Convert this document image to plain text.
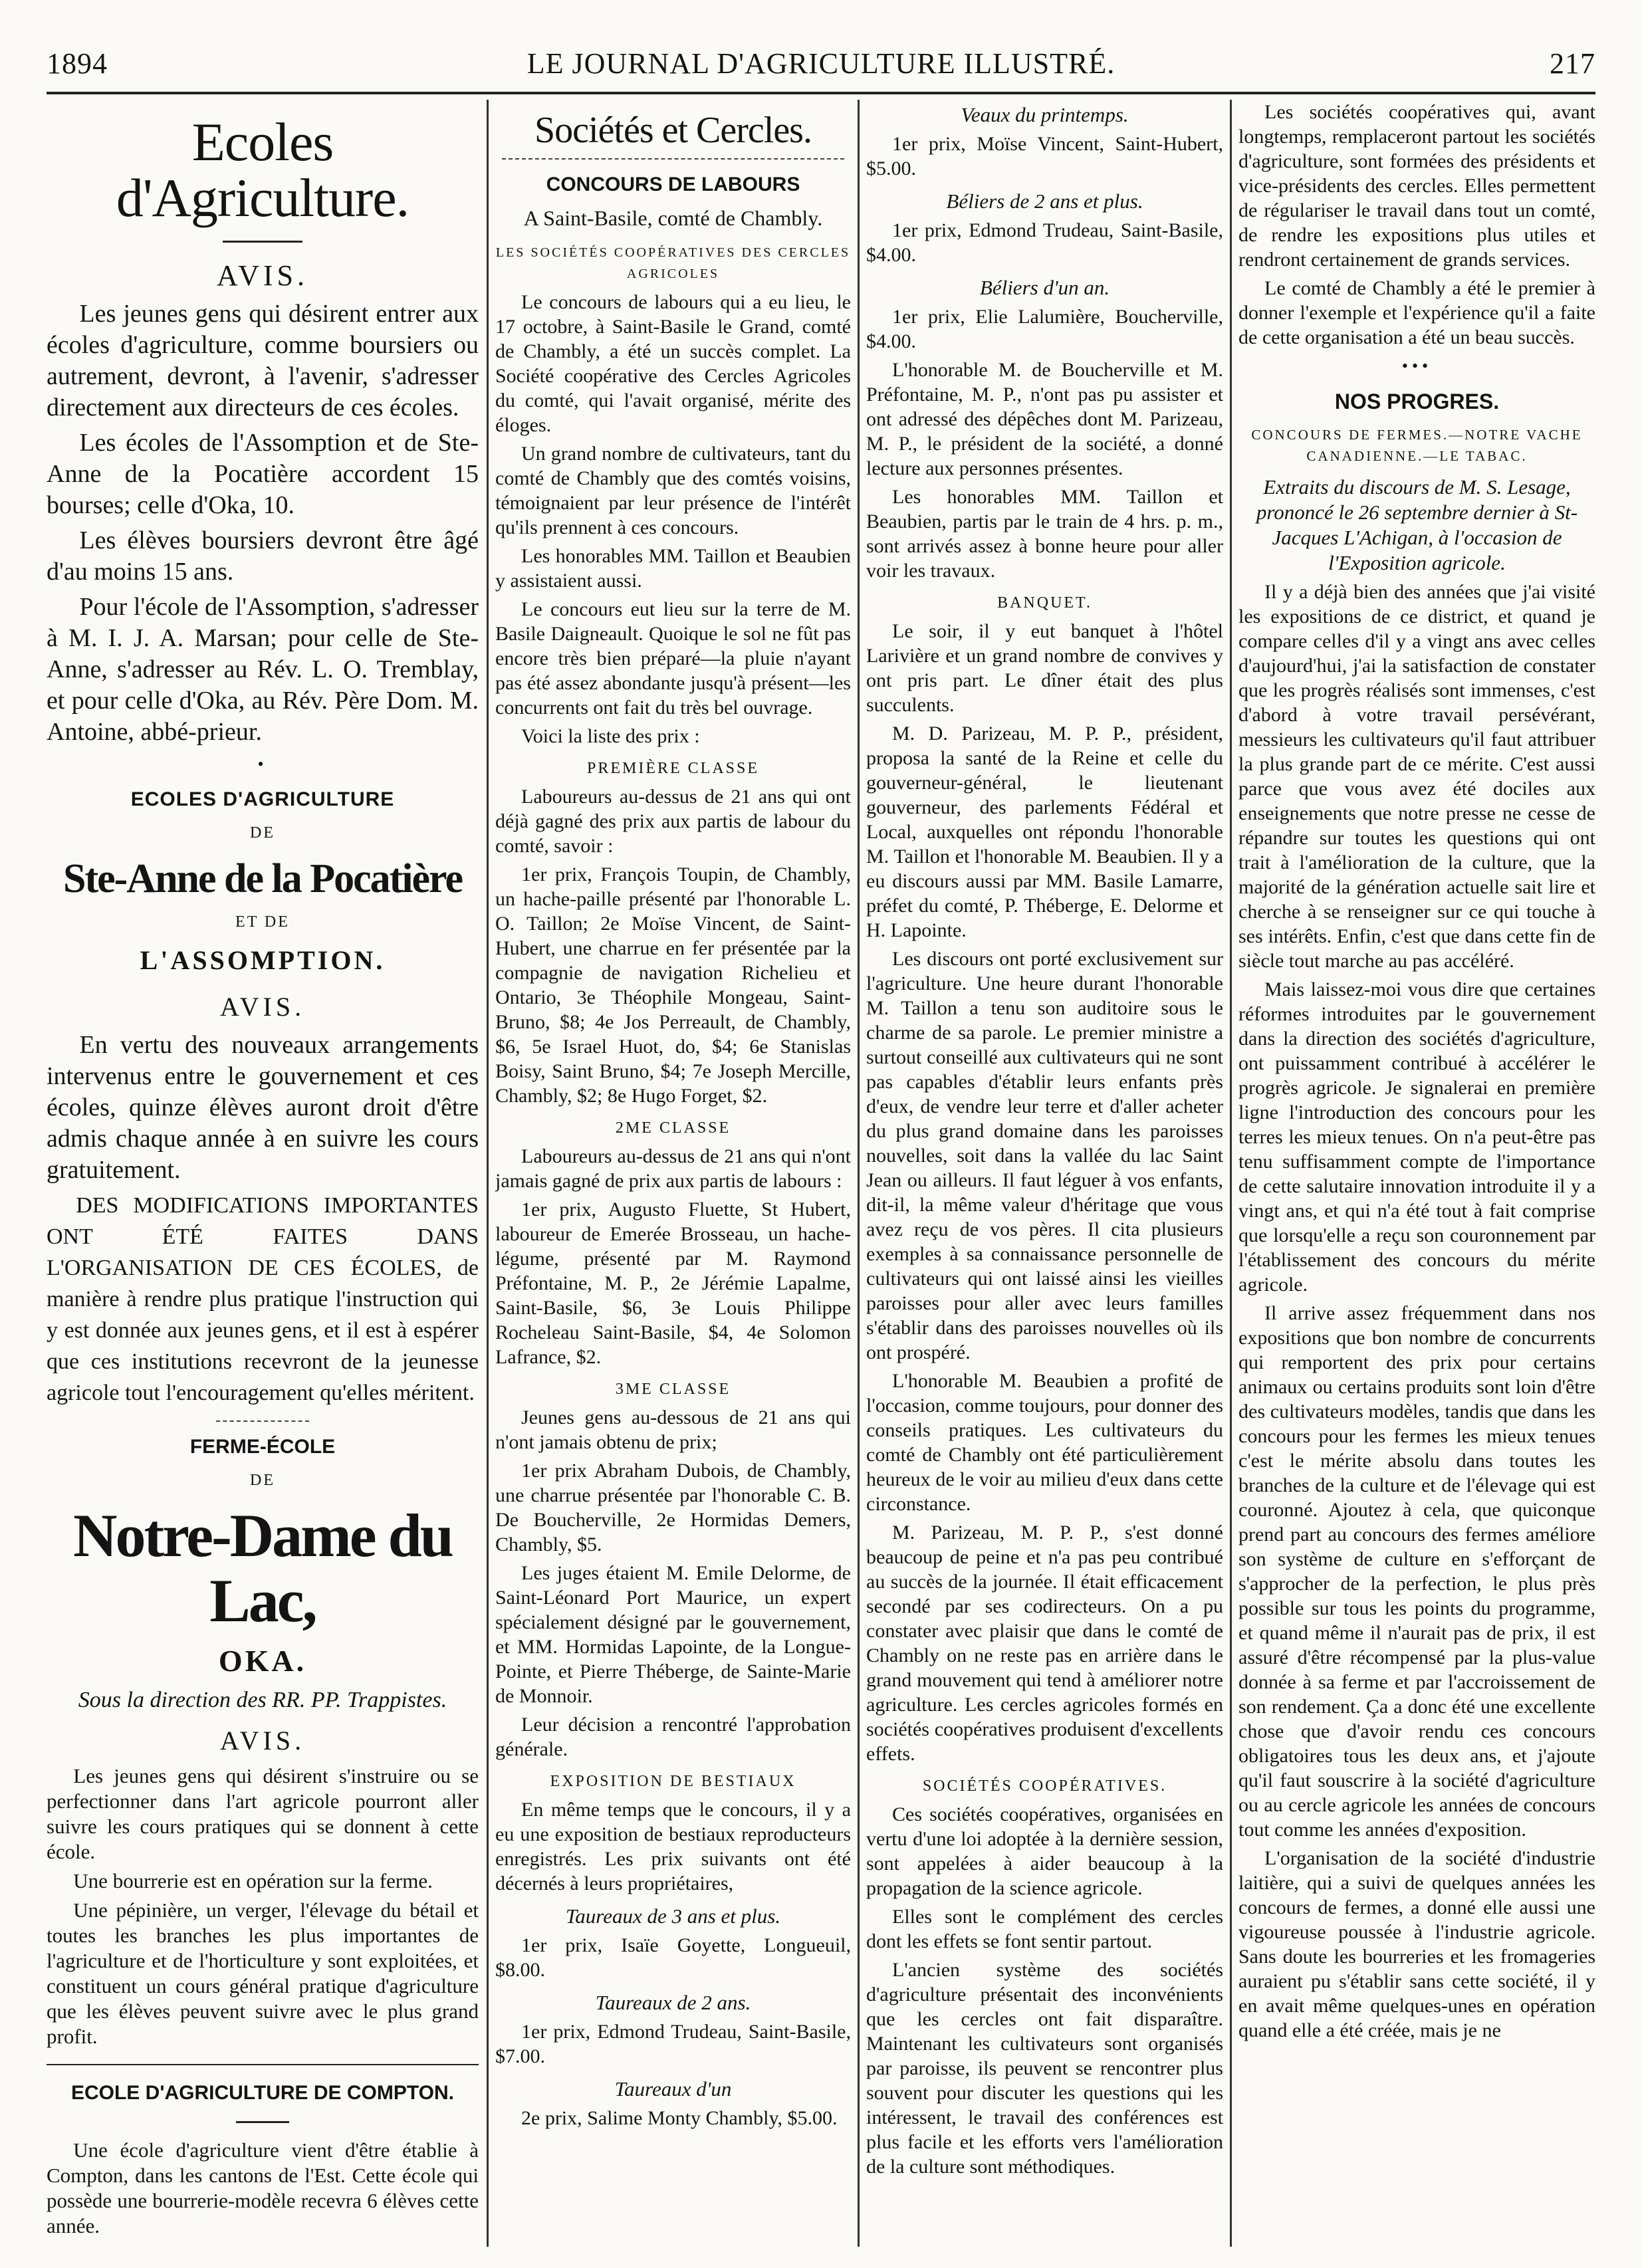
1894	LE JOURNAL D'AGRICULTURE ILLUSTRÉ.	217
Ecoles d'Agriculture.
AVIS.

Les jeunes gens qui désirent entrer aux écoles d'agriculture, comme boursiers ou autrement, devront, à l'avenir, s'adresser directement aux directeurs de ces écoles.

Les écoles de l'Assomption et de Ste-Anne de la Pocatière accordent 15 bourses; celle d'Oka, 10.

Les élèves boursiers devront être âgé d'au moins 15 ans.

Pour l'école de l'Assomption, s'adresser à M. I. J. A. Marsan; pour celle de Ste-Anne, s'adresser au Rév. L. O. Tremblay, et pour celle d'Oka, au Rév. Père Dom. M. Antoine, abbé-prieur.

•
ECOLES D'AGRICULTURE
DE
Ste-Anne de la Pocatière
ET DE
L'ASSOMPTION.
AVIS.

En vertu des nouveaux arrangements intervenus entre le gouvernement et ces écoles, quinze élèves auront droit d'être admis chaque année à en suivre les cours gratuitement.

DES MODIFICATIONS IMPORTANTES ONT ÉTÉ FAITES DANS L'ORGANISATION DE CES ÉCOLES, de manière à rendre plus pratique l'instruction qui y est donnée aux jeunes gens, et il est à espérer que ces institutions recevront de la jeunesse agricole tout l'encouragement qu'elles méritent.

FERME-ÉCOLE
DE
Notre-Dame du Lac,
OKA.
Sous la direction des RR. PP. Trappistes.
AVIS.

Les jeunes gens qui désirent s'instruire ou se perfectionner dans l'art agricole pourront aller suivre les cours pratiques qui se donnent à cette école.

Une bourrerie est en opération sur la ferme.

Une pépinière, un verger, l'élevage du bétail et toutes les branches les plus importantes de l'agriculture et de l'horticulture y sont exploitées, et constituent un cours général pratique d'agriculture que les élèves peuvent suivre avec le plus grand profit.

ECOLE D'AGRICULTURE DE COMPTON.

Une école d'agriculture vient d'être établie à Compton, dans les cantons de l'Est. Cette école qui possède une bourrerie-modèle recevra 6 élèves cette année.

Sociétés et Cercles.
CONCOURS DE LABOURS
A Saint-Basile, comté de Chambly.
LES SOCIÉTÉS COOPÉRATIVES DES CERCLES AGRICOLES

Le concours de labours qui a eu lieu, le 17 octobre, à Saint-Basile le Grand, comté de Chambly, a été un succès complet. La Société coopérative des Cercles Agricoles du comté, qui l'avait organisé, mérite des éloges.

Un grand nombre de cultivateurs, tant du comté de Chambly que des comtés voisins, témoignaient par leur présence de l'intérêt qu'ils prennent à ces concours.

Les honorables MM. Taillon et Beaubien y assistaient aussi.

Le concours eut lieu sur la terre de M. Basile Daigneault. Quoique le sol ne fût pas encore très bien préparé—la pluie n'ayant pas été assez abondante jusqu'à présent—les concurrents ont fait du très bel ouvrage.

Voici la liste des prix :

PREMIÈRE CLASSE

Laboureurs au-dessus de 21 ans qui ont déjà gagné des prix aux partis de labour du comté, savoir :

1er prix, François Toupin, de Chambly, un hache-paille présenté par l'honorable L. O. Taillon; 2e Moïse Vincent, de Saint-Hubert, une charrue en fer présentée par la compagnie de navigation Richelieu et Ontario, 3e Théophile Mongeau, Saint-Bruno, $8; 4e Jos Perreault, de Chambly, $6, 5e Israel Huot, do, $4; 6e Stanislas Boisy, Saint Bruno, $4; 7e Joseph Mercille, Chambly, $2; 8e Hugo Forget, $2.

2ME CLASSE

Laboureurs au-dessus de 21 ans qui n'ont jamais gagné de prix aux partis de labours :

1er prix, Augusto Fluette, St Hubert, laboureur de Emerée Brosseau, un hache-légume, présenté par M. Raymond Préfontaine, M. P., 2e Jérémie Lapalme, Saint-Basile, $6, 3e Louis Philippe Rocheleau Saint-Basile, $4, 4e Solomon Lafrance, $2.

3ME CLASSE

Jeunes gens au-dessous de 21 ans qui n'ont jamais obtenu de prix;

1er prix Abraham Dubois, de Chambly, une charrue présentée par l'honorable C. B. De Boucherville, 2e Hormidas Demers, Chambly, $5.

Les juges étaient M. Emile Delorme, de Saint-Léonard Port Maurice, un expert spécialement désigné par le gouvernement, et MM. Hormidas Lapointe, de la Longue-Pointe, et Pierre Théberge, de Sainte-Marie de Monnoir.

Leur décision a rencontré l'approbation générale.

EXPOSITION DE BESTIAUX

En même temps que le concours, il y a eu une exposition de bestiaux reproducteurs enregistrés. Les prix suivants ont été décernés à leurs propriétaires,

Taureaux de 3 ans et plus.

1er prix, Isaïe Goyette, Longueuil, $8.00.

Taureaux de 2 ans.

1er prix, Edmond Trudeau, Saint-Basile, $7.00.

Taureaux d'un

2e prix, Salime Monty Chambly, $5.00.

Veaux du printemps.

1er prix, Moïse Vincent, Saint-Hubert, $5.00.

Béliers de 2 ans et plus.

1er prix, Edmond Trudeau, Saint-Basile, $4.00.

Béliers d'un an.

1er prix, Elie Lalumière, Boucherville, $4.00.

L'honorable M. de Boucherville et M. Préfontaine, M. P., n'ont pas pu assister et ont adressé des dépêches dont M. Parizeau, M. P., le président de la société, a donné lecture aux personnes présentes.

Les honorables MM. Taillon et Beaubien, partis par le train de 4 hrs. p. m., sont arrivés assez à bonne heure pour aller voir les travaux.

BANQUET.

Le soir, il y eut banquet à l'hôtel Larivière et un grand nombre de convives y ont pris part. Le dîner était des plus succulents.

M. D. Parizeau, M. P. P., président, proposa la santé de la Reine et celle du gouverneur-général, le lieutenant gouverneur, des parlements Fédéral et Local, auxquelles ont répondu l'honorable M. Taillon et l'honorable M. Beaubien. Il y a eu discours aussi par MM. Basile Lamarre, préfet du comté, P. Théberge, E. Delorme et H. Lapointe.

Les discours ont porté exclusivement sur l'agriculture. Une heure durant l'honorable M. Taillon a tenu son auditoire sous le charme de sa parole. Le premier ministre a surtout conseillé aux cultivateurs qui ne sont pas capables d'établir leurs enfants près d'eux, de vendre leur terre et d'aller acheter du plus grand domaine dans les paroisses nouvelles, soit dans la vallée du lac Saint Jean ou ailleurs. Il faut léguer à vos enfants, dit-il, la même valeur d'héritage que vous avez reçu de vos pères. Il cita plusieurs exemples à sa connaissance personnelle de cultivateurs qui ont laissé ainsi les vieilles paroisses pour aller avec leurs familles s'établir dans des paroisses nouvelles où ils ont prospéré.

L'honorable M. Beaubien a profité de l'occasion, comme toujours, pour donner des conseils pratiques. Les cultivateurs du comté de Chambly ont été particulièrement heureux de le voir au milieu d'eux dans cette circonstance.

M. Parizeau, M. P. P., s'est donné beaucoup de peine et n'a pas peu contribué au succès de la journée. Il était efficacement secondé par ses codirecteurs. On a pu constater avec plaisir que dans le comté de Chambly on ne reste pas en arrière dans le grand mouvement qui tend à améliorer notre agriculture. Les cercles agricoles formés en sociétés coopératives produisent d'excellents effets.

SOCIÉTÉS COOPÉRATIVES.

Ces sociétés coopératives, organisées en vertu d'une loi adoptée à la dernière session, sont appelées à aider beaucoup à la propagation de la science agricole.

Elles sont le complément des cercles dont les effets se font sentir partout.

L'ancien système des sociétés d'agriculture présentait des inconvénients que les cercles ont fait disparaître. Maintenant les cultivateurs sont organisés par paroisse, ils peuvent se rencontrer plus souvent pour discuter les questions qui les intéressent, le travail des conférences est plus facile et les efforts vers l'amélioration de la culture sont méthodiques.

Les sociétés coopératives qui, avant longtemps, remplaceront partout les sociétés d'agriculture, sont formées des présidents et vice-présidents des cercles. Elles permettent de régulariser le travail dans tout un comté, de rendre les expositions plus utiles et rendront certainement de grands services.

Le comté de Chambly a été le premier à donner l'exemple et l'expérience qu'il a faite de cette organisation a été un beau succès.

•••
NOS PROGRES.
CONCOURS DE FERMES.—NOTRE VACHE CANADIENNE.—LE TABAC.
Extraits du discours de M. S. Lesage, prononcé le 26 septembre dernier à St-Jacques L'Achigan, à l'occasion de l'Exposition agricole.

Il y a déjà bien des années que j'ai visité les expositions de ce district, et quand je compare celles d'il y a vingt ans avec celles d'aujourd'hui, j'ai la satisfaction de constater que les progrès réalisés sont immenses, c'est d'abord à votre travail persévérant, messieurs les cultivateurs qu'il faut attribuer la plus grande part de ce mérite. C'est aussi parce que vous avez été dociles aux enseignements que notre presse ne cesse de répandre sur toutes les questions qui ont trait à l'amélioration de la culture, que la majorité de la génération actuelle sait lire et cherche à se renseigner sur ce qui touche à ses intérêts. Enfin, c'est que dans cette fin de siècle tout marche au pas accéléré.

Mais laissez-moi vous dire que certaines réformes introduites par le gouvernement dans la direction des sociétés d'agriculture, ont puissamment contribué à accélérer le progrès agricole. Je signalerai en première ligne l'introduction des concours pour les terres les mieux tenues. On n'a peut-être pas tenu suffisamment compte de l'importance de cette salutaire innovation introduite il y a vingt ans, et qui n'a été tout à fait comprise que lorsqu'elle a reçu son couronnement par l'établissement des concours du mérite agricole.

Il arrive assez fréquemment dans nos expositions que bon nombre de concurrents qui remportent des prix pour certains animaux ou certains produits sont loin d'être des cultivateurs modèles, tandis que dans les concours pour les fermes les mieux tenues c'est le mérite absolu dans toutes les branches de la culture et de l'élevage qui est couronné. Ajoutez à cela, que quiconque prend part au concours des fermes améliore son système de culture en s'efforçant de s'approcher de la perfection, le plus près possible sur tous les points du programme, et quand même il n'aurait pas de prix, il est assuré d'être récompensé par la plus-value donnée à sa ferme et par l'accroissement de son rendement. Ça a donc été une excellente chose que d'avoir rendu ces concours obligatoires tous les deux ans, et j'ajoute qu'il faut souscrire à la société d'agriculture ou au cercle agricole les années de concours tout comme les années d'exposition.

L'organisation de la société d'industrie laitière, qui a suivi de quelques années les concours de fermes, a donné elle aussi une vigoureuse poussée à l'industrie agricole. Sans doute les bourreries et les fromageries auraient pu s'établir sans cette société, il y en avait même quelques-unes en opération quand elle a été créée, mais je ne
